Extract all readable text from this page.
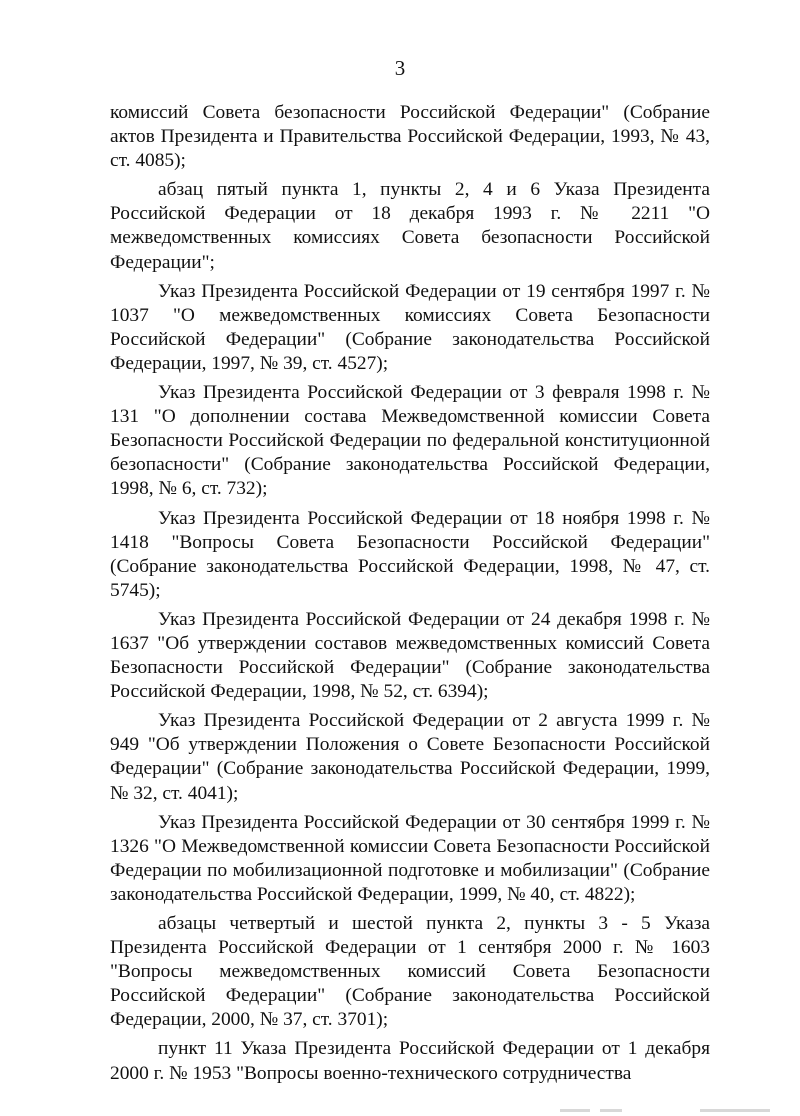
3

комиссий Совета безопасности Российской Федерации" (Собрание актов Президента и Правительства Российской Федерации, 1993, № 43, ст. 4085);

абзац пятый пункта 1, пункты 2, 4 и 6 Указа Президента Российской Федерации от 18 декабря 1993 г. № 2211 "О межведомственных комиссиях Совета безопасности Российской Федерации";

Указ Президента Российской Федерации от 19 сентября 1997 г. № 1037 "О межведомственных комиссиях Совета Безопасности Российской Федерации" (Собрание законодательства Российской Федерации, 1997, № 39, ст. 4527);

Указ Президента Российской Федерации от 3 февраля 1998 г. № 131 "О дополнении состава Межведомственной комиссии Совета Безопасности Российской Федерации по федеральной конституционной безопасности" (Собрание законодательства Российской Федерации, 1998, № 6, ст. 732);

Указ Президента Российской Федерации от 18 ноября 1998 г. № 1418 "Вопросы Совета Безопасности Российской Федерации" (Собрание законодательства Российской Федерации, 1998, № 47, ст. 5745);

Указ Президента Российской Федерации от 24 декабря 1998 г. № 1637 "Об утверждении составов межведомственных комиссий Совета Безопасности Российской Федерации" (Собрание законодательства Российской Федерации, 1998, № 52, ст. 6394);

Указ Президента Российской Федерации от 2 августа 1999 г. № 949 "Об утверждении Положения о Совете Безопасности Российской Федерации" (Собрание законодательства Российской Федерации, 1999, № 32, ст. 4041);

Указ Президента Российской Федерации от 30 сентября 1999 г. № 1326 "О Межведомственной комиссии Совета Безопасности Российской Федерации по мобилизационной подготовке и мобилизации" (Собрание законодательства Российской Федерации, 1999, № 40, ст. 4822);

абзацы четвертый и шестой пункта 2, пункты 3 - 5 Указа Президента Российской Федерации от 1 сентября 2000 г. № 1603 "Вопросы межведомственных комиссий Совета Безопасности Российской Федерации" (Собрание законодательства Российской Федерации, 2000, № 37, ст. 3701);

пункт 11 Указа Президента Российской Федерации от 1 декабря 2000 г. № 1953 "Вопросы военно-технического сотрудничества
